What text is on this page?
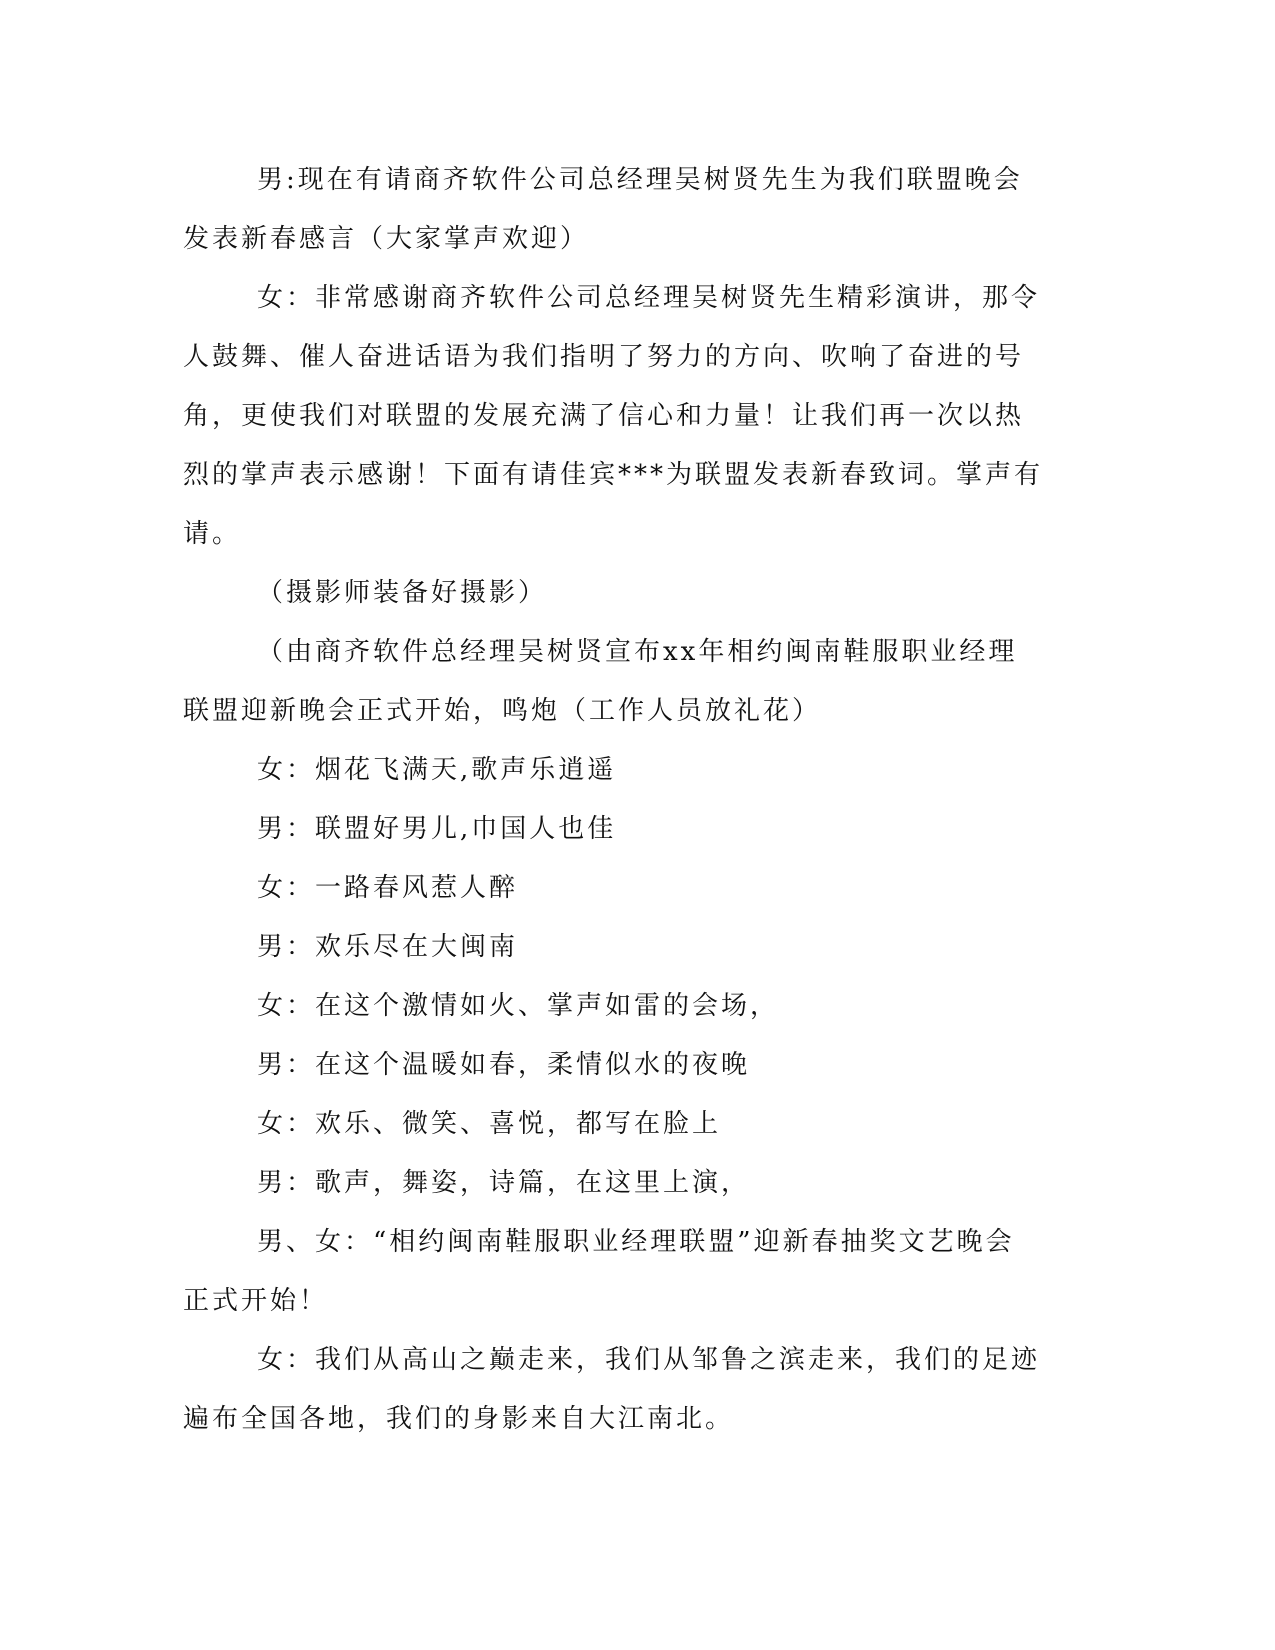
男:现在有请商齐软件公司总经理吴树贤先生为我们联盟晚会发表新春感言（大家掌声欢迎）

女：非常感谢商齐软件公司总经理吴树贤先生精彩演讲，那令人鼓舞、催人奋进话语为我们指明了努力的方向、吹响了奋进的号角，更使我们对联盟的发展充满了信心和力量！让我们再一次以热烈的掌声表示感谢！下面有请佳宾***为联盟发表新春致词。掌声有请。

（摄影师装备好摄影）

（由商齐软件总经理吴树贤宣布xx年相约闽南鞋服职业经理联盟迎新晚会正式开始，鸣炮（工作人员放礼花）

女：烟花飞满天,歌声乐逍遥

男：联盟好男儿,巾国人也佳

女：一路春风惹人醉

男：欢乐尽在大闽南

女：在这个激情如火、掌声如雷的会场，

男：在这个温暖如春，柔情似水的夜晚

女：欢乐、微笑、喜悦，都写在脸上

男：歌声，舞姿，诗篇，在这里上演，

男、女：“相约闽南鞋服职业经理联盟”迎新春抽奖文艺晚会正式开始！

女：我们从高山之巅走来，我们从邹鲁之滨走来，我们的足迹遍布全国各地，我们的身影来自大江南北。
